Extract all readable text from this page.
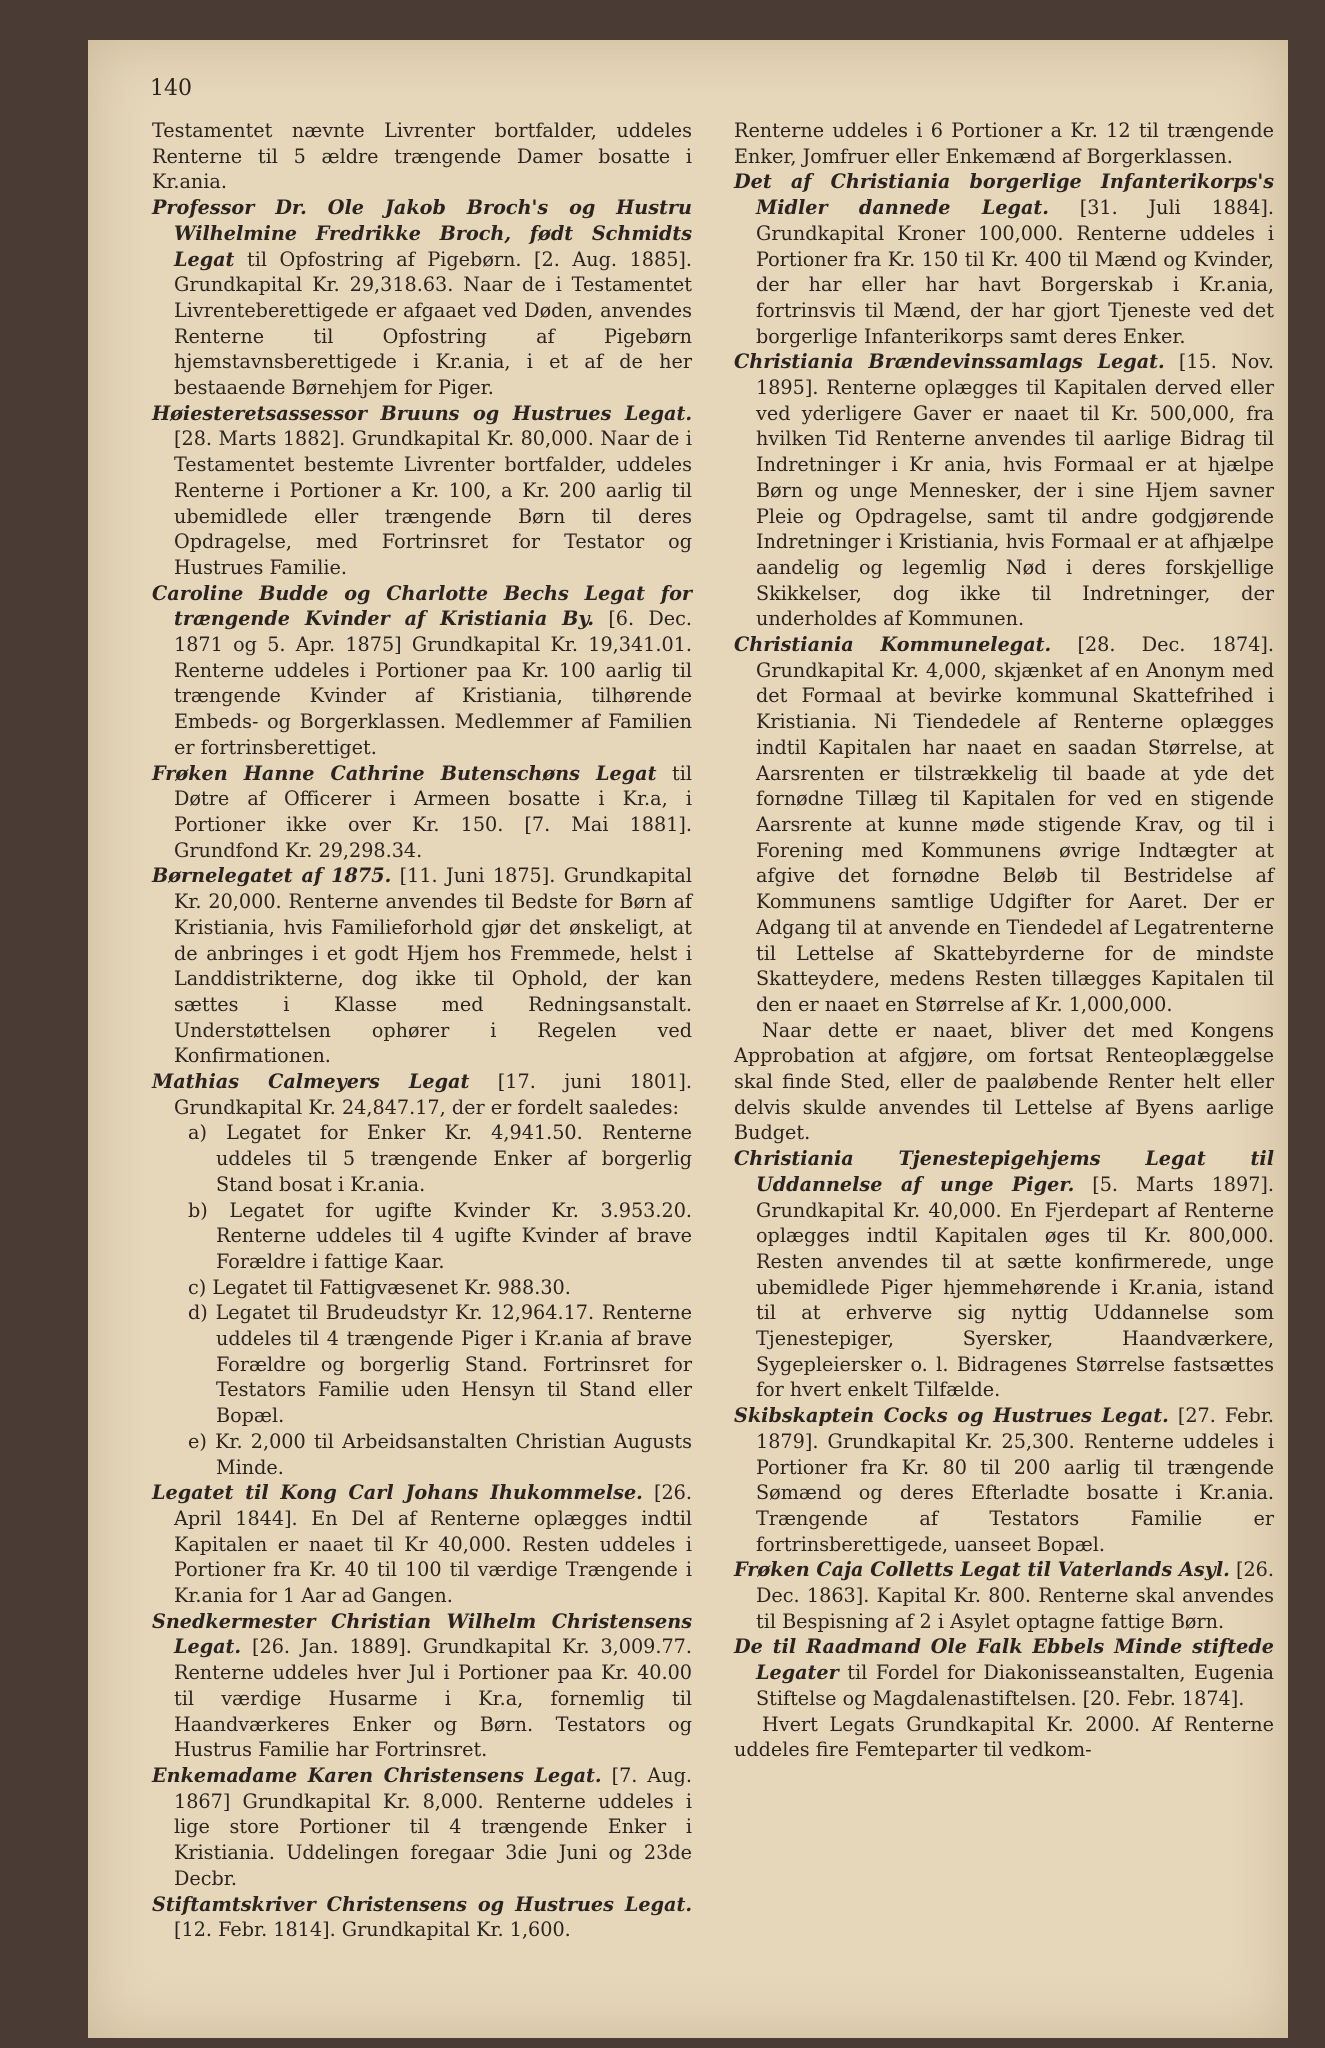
140

Testamentet nævnte Livrenter bortfalder, uddeles Renterne til 5 ældre trængende Damer bosatte i Kr.ania.

Professor Dr. Ole Jakob Broch's og Hustru Wilhelmine Fredrikke Broch, født Schmidts Legat til Opfostring af Pigebørn. [2. Aug. 1885]. Grundkapital Kr. 29,318.63. Naar de i Testamentet Livrenteberettigede er afgaaet ved Døden, anvendes Renterne til Opfostring af Pigebørn hjemstavnsberettigede i Kr.ania, i et af de her bestaaende Børnehjem for Piger.

Høiesteretsassessor Bruuns og Hustrues Legat. [28. Marts 1882]. Grundkapital Kr. 80,000. Naar de i Testamentet bestemte Livrenter bortfalder, uddeles Renterne i Portioner a Kr. 100, a Kr. 200 aarlig til ubemidlede eller trængende Børn til deres Opdragelse, med Fortrinsret for Testator og Hustrues Familie.

Caroline Budde og Charlotte Bechs Legat for trængende Kvinder af Kristiania By. [6. Dec. 1871 og 5. Apr. 1875] Grundkapital Kr. 19,341.01. Renterne uddeles i Portioner paa Kr. 100 aarlig til trængende Kvinder af Kristiania, tilhørende Embeds- og Borgerklassen. Medlemmer af Familien er fortrinsberettiget.

Frøken Hanne Cathrine Butenschøns Legat til Døtre af Officerer i Armeen bosatte i Kr.a, i Portioner ikke over Kr. 150. [7. Mai 1881]. Grundfond Kr. 29,298.34.

Børnelegatet af 1875. [11. Juni 1875]. Grundkapital Kr. 20,000. Renterne anvendes til Bedste for Børn af Kristiania, hvis Familieforhold gjør det ønskeligt, at de anbringes i et godt Hjem hos Fremmede, helst i Landdistrikterne, dog ikke til Ophold, der kan sættes i Klasse med Redningsanstalt. Understøttelsen ophører i Regelen ved Konfirmationen.

Mathias Calmeyers Legat [17. juni 1801]. Grundkapital Kr. 24,847.17, der er fordelt saaledes:

a) Legatet for Enker Kr. 4,941.50. Renterne uddeles til 5 trængende Enker af borgerlig Stand bosat i Kr.ania.

b) Legatet for ugifte Kvinder Kr. 3.953.20. Renterne uddeles til 4 ugifte Kvinder af brave Forældre i fattige Kaar.

c) Legatet til Fattigvæsenet Kr. 988.30.

d) Legatet til Brudeudstyr Kr. 12,964.17. Renterne uddeles til 4 trængende Piger i Kr.ania af brave Forældre og borgerlig Stand. Fortrinsret for Testators Familie uden Hensyn til Stand eller Bopæl.

e) Kr. 2,000 til Arbeidsanstalten Christian Augusts Minde.

Legatet til Kong Carl Johans Ihukommelse. [26. April 1844]. En Del af Renterne oplægges indtil Kapitalen er naaet til Kr 40,000. Resten uddeles i Portioner fra Kr. 40 til 100 til værdige Trængende i Kr.ania for 1 Aar ad Gangen.

Snedkermester Christian Wilhelm Christensens Legat. [26. Jan. 1889]. Grundkapital Kr. 3,009.77. Renterne uddeles hver Jul i Portioner paa Kr. 40.00 til værdige Husarme i Kr.a, fornemlig til Haandværkeres Enker og Børn. Testators og Hustrus Familie har Fortrinsret.

Enkemadame Karen Christensens Legat. [7. Aug. 1867] Grundkapital Kr. 8,000. Renterne uddeles i lige store Portioner til 4 trængende Enker i Kristiania. Uddelingen foregaar 3die Juni og 23de Decbr.

Stiftamtskriver Christensens og Hustrues Legat. [12. Febr. 1814]. Grundkapital Kr. 1,600.

Renterne uddeles i 6 Portioner a Kr. 12 til trængende Enker, Jomfruer eller Enkemænd af Borgerklassen.

Det af Christiania borgerlige Infanterikorps's Midler dannede Legat. [31. Juli 1884]. Grundkapital Kroner 100,000. Renterne uddeles i Portioner fra Kr. 150 til Kr. 400 til Mænd og Kvinder, der har eller har havt Borgerskab i Kr.ania, fortrinsvis til Mænd, der har gjort Tjeneste ved det borgerlige Infanterikorps samt deres Enker.

Christiania Brændevinssamlags Legat. [15. Nov. 1895]. Renterne oplægges til Kapitalen derved eller ved yderligere Gaver er naaet til Kr. 500,000, fra hvilken Tid Renterne anvendes til aarlige Bidrag til Indretninger i Kr ania, hvis Formaal er at hjælpe Børn og unge Mennesker, der i sine Hjem savner Pleie og Opdragelse, samt til andre godgjørende Indretninger i Kristiania, hvis Formaal er at afhjælpe aandelig og legemlig Nød i deres forskjellige Skikkelser, dog ikke til Indretninger, der underholdes af Kommunen.

Christiania Kommunelegat. [28. Dec. 1874]. Grundkapital Kr. 4,000, skjænket af en Anonym med det Formaal at bevirke kommunal Skattefrihed i Kristiania. Ni Tiendedele af Renterne oplægges indtil Kapitalen har naaet en saadan Størrelse, at Aarsrenten er tilstrækkelig til baade at yde det fornødne Tillæg til Kapitalen for ved en stigende Aarsrente at kunne møde stigende Krav, og til i Forening med Kommunens øvrige Indtægter at afgive det fornødne Beløb til Bestridelse af Kommunens samtlige Udgifter for Aaret. Der er Adgang til at anvende en Tiendedel af Legatrenterne til Lettelse af Skattebyrderne for de mindste Skatteydere, medens Resten tillægges Kapitalen til den er naaet en Størrelse af Kr. 1,000,000.

Naar dette er naaet, bliver det med Kongens Approbation at afgjøre, om fortsat Renteoplæggelse skal finde Sted, eller de paaløbende Renter helt eller delvis skulde anvendes til Lettelse af Byens aarlige Budget.

Christiania Tjenestepigehjems Legat til Uddannelse af unge Piger. [5. Marts 1897]. Grundkapital Kr. 40,000. En Fjerdepart af Renterne oplægges indtil Kapitalen øges til Kr. 800,000. Resten anvendes til at sætte konfirmerede, unge ubemidlede Piger hjemmehørende i Kr.ania, istand til at erhverve sig nyttig Uddannelse som Tjenestepiger, Syersker, Haandværkere, Sygepleiersker o. l. Bidragenes Størrelse fastsættes for hvert enkelt Tilfælde.

Skibskaptein Cocks og Hustrues Legat. [27. Febr. 1879]. Grundkapital Kr. 25,300. Renterne uddeles i Portioner fra Kr. 80 til 200 aarlig til trængende Sømænd og deres Efterladte bosatte i Kr.ania. Trængende af Testators Familie er fortrinsberettigede, uanseet Bopæl.

Frøken Caja Colletts Legat til Vaterlands Asyl. [26. Dec. 1863]. Kapital Kr. 800. Renterne skal anvendes til Bespisning af 2 i Asylet optagne fattige Børn.

De til Raadmand Ole Falk Ebbels Minde stiftede Legater til Fordel for Diakonisseanstalten, Eugenia Stiftelse og Magdalenastiftelsen. [20. Febr. 1874].

Hvert Legats Grundkapital Kr. 2000. Af Renterne uddeles fire Femteparter til vedkom-
